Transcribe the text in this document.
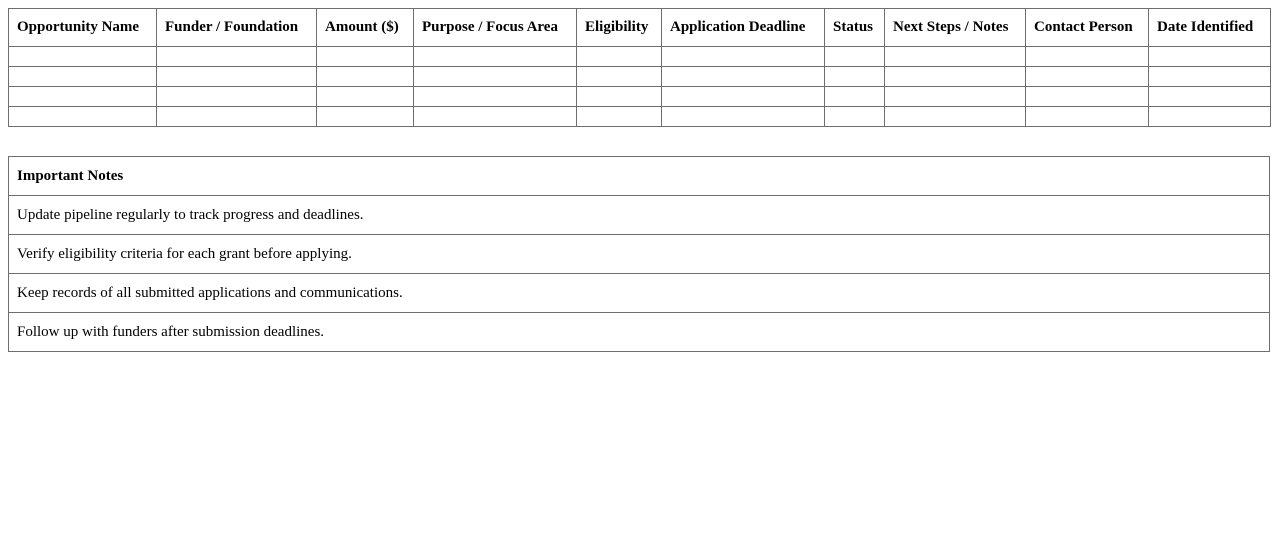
Opportunity Name	Funder / Foundation	Amount ($)	Purpose / Focus Area	Eligibility	Application Deadline	Status	Next Steps / Notes	Contact Person	Date Identified

Important Notes
Update pipeline regularly to track progress and deadlines.
Verify eligibility criteria for each grant before applying.
Keep records of all submitted applications and communications.
Follow up with funders after submission deadlines.
